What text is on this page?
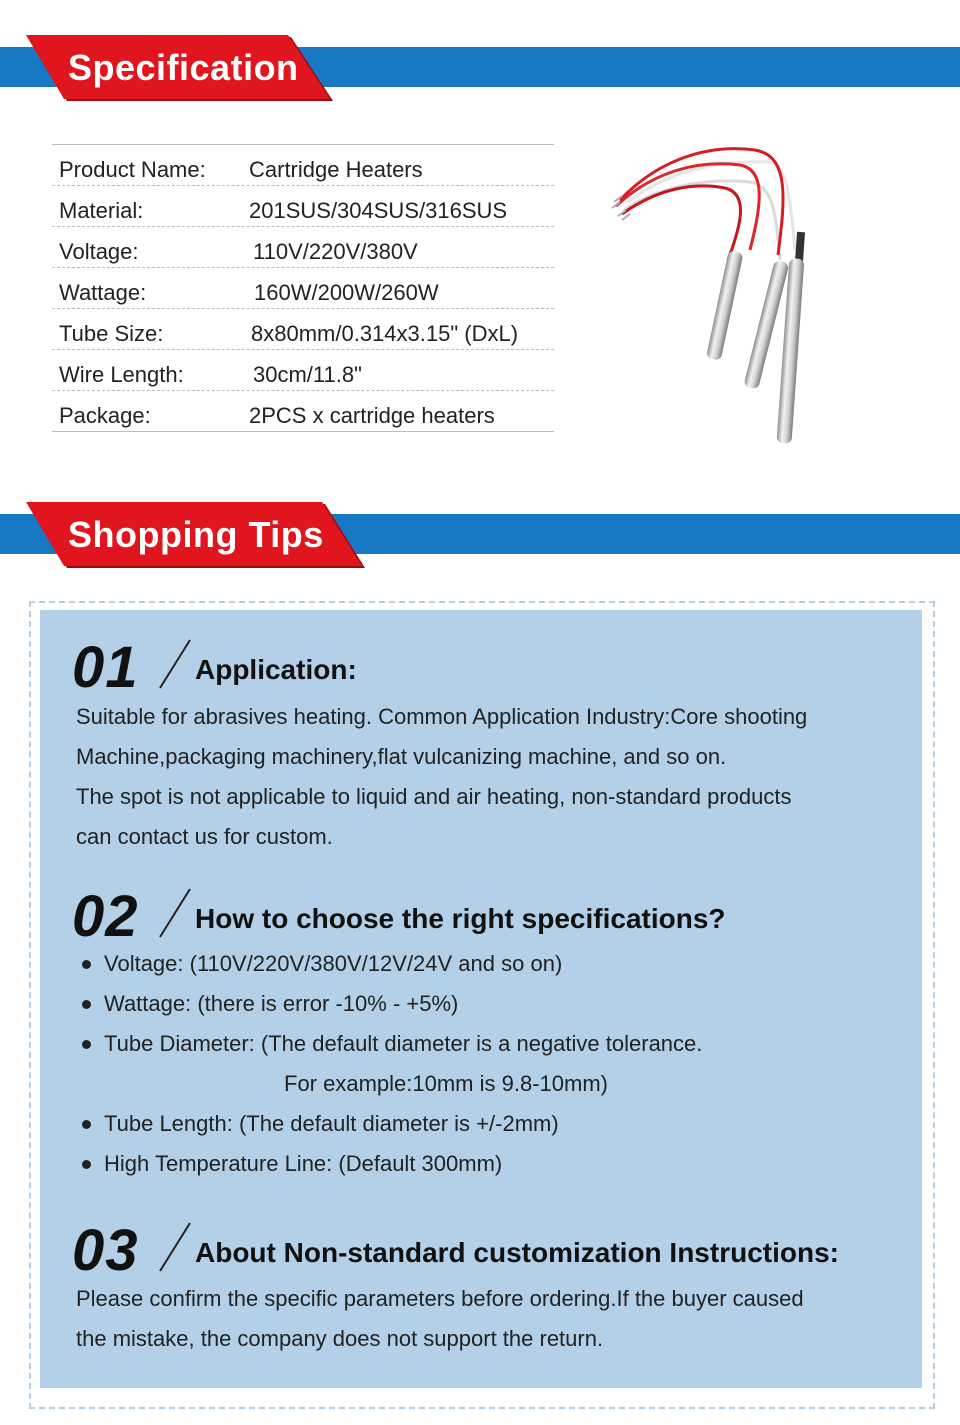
Specification
Product Name: Cartridge Heaters
Material:	201SUS/304SUS/316SUS
Voltage:	110V/220V/380V
Wattage:	160W/200W/260W
Tube Size:	8x80mm/0.314x3.15" (DxL)
Wire Length:	30cm/11.8"
Package:	2PCS x cartridge heaters
Shopping Tips
01 Application:
Suitable for abrasives heating. Common Application Industry:Core shooting
Machine,packaging machinery,flat vulcanizing machine, and so on.
The spot is not applicable to liquid and air heating, non-standard products
can contact us for custom.
02 How to choose the right specifications?
Voltage: (110V/220V/380V/12V/24V and so on)
Wattage: (there is error -10% - +5%)
Tube Diameter: (The default diameter is a negative tolerance.
For example:10mm is 9.8-10mm)
Tube Length: (The default diameter is +/-2mm)
High Temperature Line: (Default 300mm)
03 About Non-standard customization Instructions:
Please confirm the specific parameters before ordering.If the buyer caused
the mistake, the company does not support the return.
